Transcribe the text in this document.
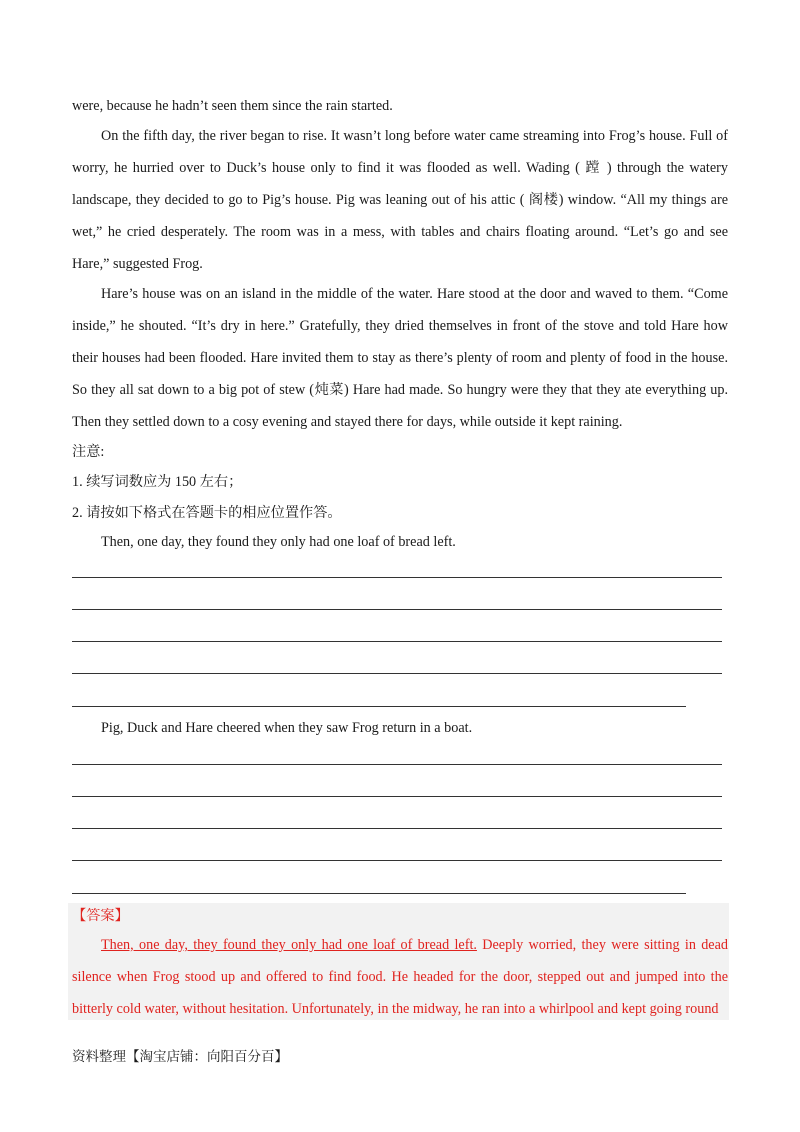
were, because he hadn’t seen them since the rain started.

On the fifth day, the river began to rise. It wasn’t long before water came streaming into Frog’s house. Full of worry, he hurried over to Duck’s house only to find it was flooded as well. Wading ( 蹚 ) through the watery landscape, they decided to go to Pig’s house. Pig was leaning out of his attic ( 阁楼) window. “All my things are wet,” he cried desperately. The room was in a mess, with tables and chairs floating around. “Let’s go and see Hare,” suggested Frog.

Hare’s house was on an island in the middle of the water. Hare stood at the door and waved to them. “Come inside,” he shouted. “It’s dry in here.” Gratefully, they dried themselves in front of the stove and told Hare how their houses had been flooded. Hare invited them to stay as there’s plenty of room and plenty of food in the house. So they all sat down to a big pot of stew (炖菜) Hare had made. So hungry were they that they ate everything up. Then they settled down to a cosy evening and stayed there for days, while outside it kept raining.

注意:

1. 续写词数应为 150 左右；

2. 请按如下格式在答题卡的相应位置作答。

Then, one day, they found they only had one loaf of bread left.

Pig, Duck and Hare cheered when they saw Frog return in a boat.

【答案】

Then, one day, they found they only had one loaf of bread left. Deeply worried, they were sitting in dead silence when Frog stood up and offered to find food. He headed for the door, stepped out and jumped into the bitterly cold water, without hesitation. Unfortunately, in the midway, he ran into a whirlpool and kept going round

资料整理【淘宝店铺：向阳百分百】
